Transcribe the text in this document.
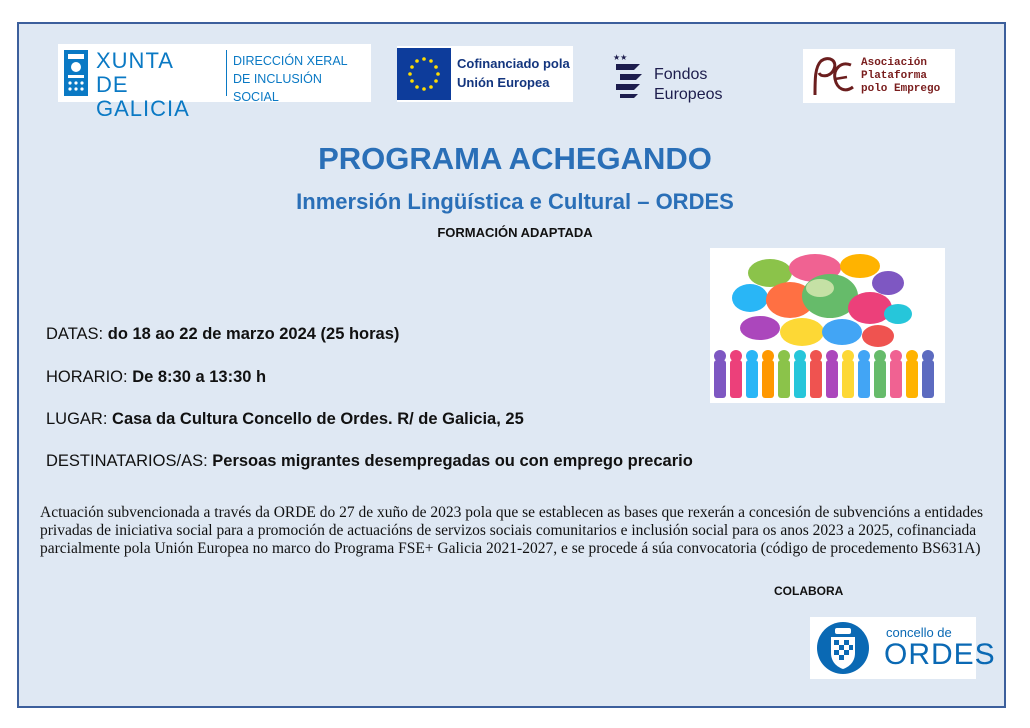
XUNTA
DE GALICIA
DIRECCIÓN XERAL
DE INCLUSIÓN SOCIAL
Cofinanciado pola
Unión Europea
★★
Fondos Europeos
Asociación
Plataforma
polo Emprego
PROGRAMA ACHEGANDO
Inmersión Lingüística e Cultural – ORDES
FORMACIÓN ADAPTADA
DATAS: do 18 ao 22 de marzo 2024 (25 horas)
HORARIO: De 8:30 a 13:30 h
LUGAR: Casa da Cultura Concello de Ordes. R/ de Galicia, 25
DESTINATARIOS/AS: Persoas migrantes desempregadas ou con emprego precario
Actuación subvencionada a través da ORDE do 27 de xuño de 2023 pola que se establecen as bases que rexerán a concesión de subvencións a entidades privadas de iniciativa social para a promoción de actuacións de servizos sociais comunitarios e inclusión social para os anos 2023 a 2025, cofinanciada parcialmente pola Unión Europea no marco do Programa FSE+ Galicia 2021-2027, e se procede á súa convocatoria (código de procedemento BS631A)
COLABORA
concello de
ORDES
